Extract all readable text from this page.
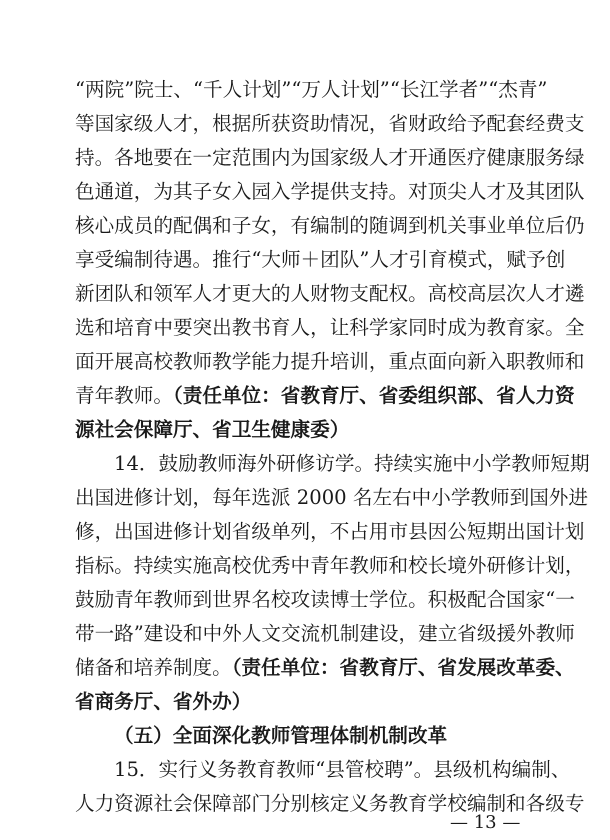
“两院”院士、“千人计划”“万人计划”“长江学者”“杰青”
等国家级人才，根据所获资助情况，省财政给予配套经费支
持。各地要在一定范围内为国家级人才开通医疗健康服务绿
色通道，为其子女入园入学提供支持。对顶尖人才及其团队
核心成员的配偶和子女，有编制的随调到机关事业单位后仍
享受编制待遇。推行“大师＋团队”人才引育模式，赋予创
新团队和领军人才更大的人财物支配权。高校高层次人才遴
选和培育中要突出教书育人，让科学家同时成为教育家。全
面开展高校教师教学能力提升培训，重点面向新入职教师和
青年教师。（责任单位：省教育厅、省委组织部、省人力资
源社会保障厅、省卫生健康委）
14．鼓励教师海外研修访学。持续实施中小学教师短期
出国进修计划，每年选派 2000 名左右中小学教师到国外进
修，出国进修计划省级单列，不占用市县因公短期出国计划
指标。持续实施高校优秀中青年教师和校长境外研修计划，
鼓励青年教师到世界名校攻读博士学位。积极配合国家“一
带一路”建设和中外人文交流机制建设，建立省级援外教师
储备和培养制度。（责任单位：省教育厅、省发展改革委、
省商务厅、省外办）
（五）全面深化教师管理体制机制改革
15．实行义务教育教师“县管校聘”。县级机构编制、
人力资源社会保障部门分别核定义务教育学校编制和各级专
— 13 —
